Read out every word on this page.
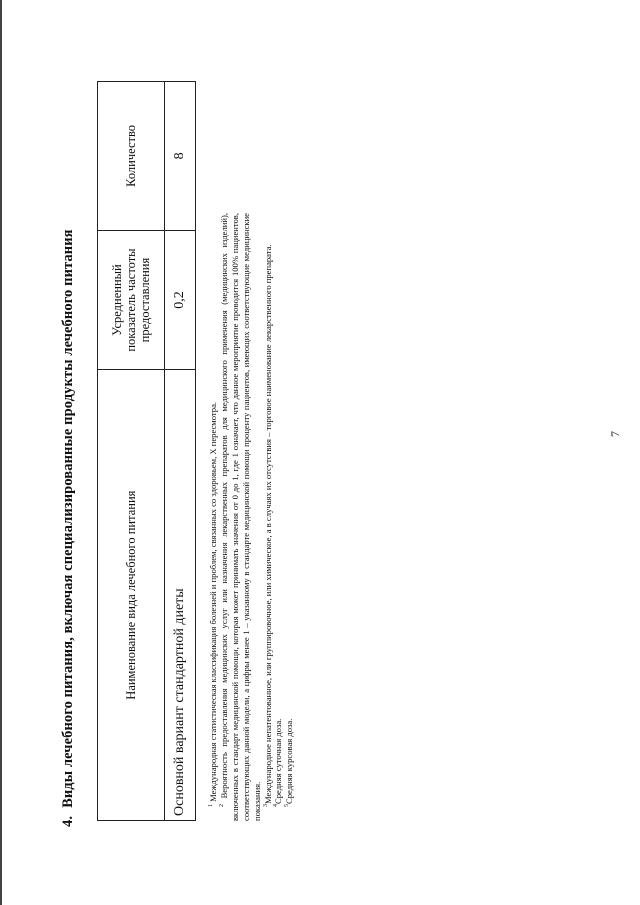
7
4.Виды лечебного питания, включая специализированные продукты лечебного питания	Наименование вида лечебного питания	Усредненный показатель частоты предоставления	Количество
Основной вариант стандартной диеты	0,2	8

$^1$ Международная статистическая классификация болезней и проблем, связанных со здоровьем, X пересмотра.

$^2$ Вероятность предоставления медицинских услуг или назначения лекарственных препаратов для медицинского применения (медицинских изделий), включенных в стандарт медицинской помощи, которая может принимать значения от 0 до 1, где 1 означает, что данное мероприятие проводится 100% пациентов, соответствующих данной модели, а цифры менее 1 – указанному в стандарте медицинской помощи проценту пациентов, имеющих соответствующие медицинские показания. $^3$Международное непатентованное, или группировочное, или химическое, а в случаях их отсутствия – торговое наименование лекарственного препарата.

$^4$Средняя суточная доза.

$^5$Средняя курсовая доза.
